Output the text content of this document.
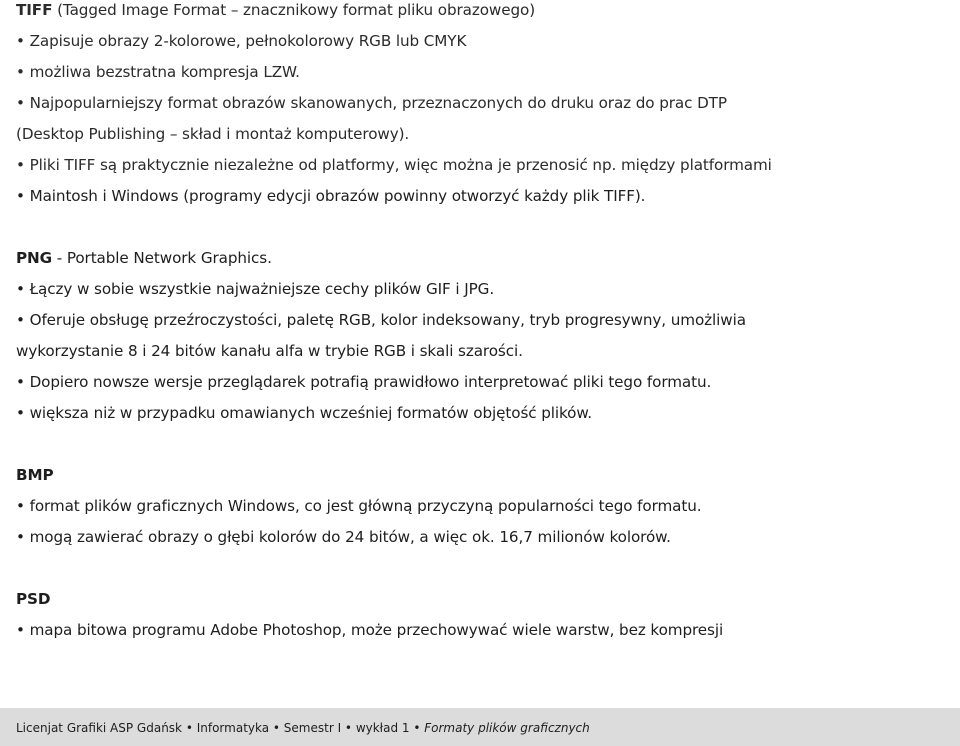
TIFF (Tagged Image Format – znacznikowy format pliku obrazowego)
• Zapisuje obrazy 2-kolorowe, pełnokolorowy RGB lub CMYK
• możliwa bezstratna kompresja LZW.
• Najpopularniejszy format obrazów skanowanych, przeznaczonych do druku oraz do prac DTP
(Desktop Publishing – skład i montaż komputerowy).
• Pliki TIFF są praktycznie niezależne od platformy, więc można je przenosić np. między platformami
• Maintosh i Windows (programy edycji obrazów powinny otworzyć każdy plik TIFF).
PNG - Portable Network Graphics.
• Łączy w sobie wszystkie najważniejsze cechy plików GIF i JPG.
• Oferuje obsługę przeźroczystości, paletę RGB, kolor indeksowany, tryb progresywny, umożliwia
wykorzystanie 8 i 24 bitów kanału alfa w trybie RGB i skali szarości.
• Dopiero nowsze wersje przeglądarek potrafią prawidłowo interpretować pliki tego formatu.
• większa niż w przypadku omawianych wcześniej formatów objętość plików.
BMP
• format plików graficznych Windows, co jest główną przyczyną popularności tego formatu.
• mogą zawierać obrazy o głębi kolorów do 24 bitów, a więc ok. 16,7 milionów kolorów.
PSD
• mapa bitowa programu Adobe Photoshop, może przechowywać wiele warstw, bez kompresji
Licenjat Grafiki ASP Gdańsk • Informatyka • Semestr I • wykład 1 • Formaty plików graficznych
